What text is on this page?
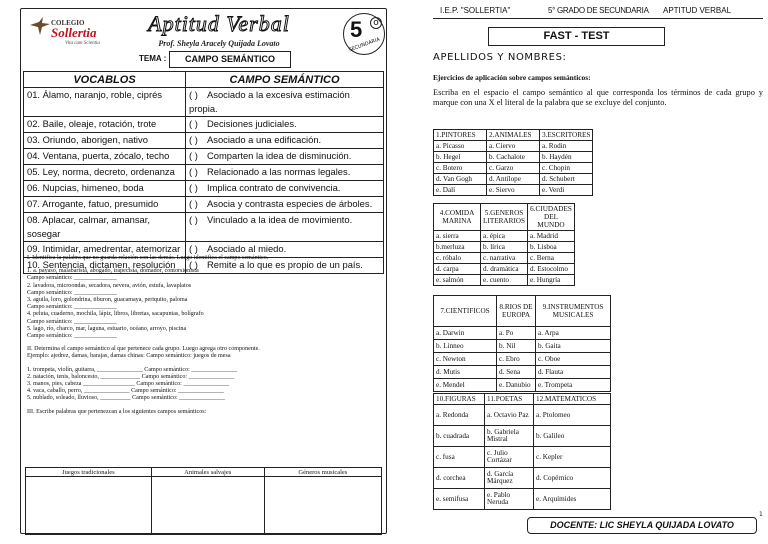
COLEGIO
Sollertia
Vita cum Scientia
Aptitud Verbal
Prof. Sheyla Aracely Quijada Lovato
5	o
SECUNDARIA
TEMA :	CAMPO SEMÁNTICO
VOCABLOS	CAMPO SEMÁNTICO
01. Álamo, naranjo, roble, ciprés	( ) Asociado a la excesiva estimación propia.
02. Baile, oleaje, rotación, trote	( ) Decisiones judiciales.
03. Oriundo, aborigen, nativo	( ) Asociado a una edificación.
04. Ventana, puerta, zócalo, techo	( ) Comparten la idea de disminución.
05. Ley, norma, decreto, ordenanza	( ) Relacionado a las normas legales.
06. Nupcias, himeneo, boda	( ) Implica contrato de convivencia.
07. Arrogante, fatuo, presumido	( ) Asocia y contrasta especies de árboles.
08. Aplacar, calmar, amansar, sosegar	( ) Vinculado a la idea de movimiento.
09. Intimidar, amedrentar, atemorizar	( ) Asociado al miedo.
10. Sentencia, dictamen, resolución	( ) Remite a lo que es propio de un país.

I. Identifica la palabra que no guarda relación con las demás. Luego identifica el campo semántico.

1. a. payaso, malabarista, abogado, trapecista, domador, contorsionista

Campo semántico: ______________

2. lavadora, microondas, secadora, nevera, avión, estufa, lavaplatos

Campo semántico: ______________

3. aguila, loro, golondrina, tiburon, guacamaya, periquito, paloma

Campo semántico: ______________

4. peluta, cuaderno, mochila, lápiz, libros, libretas, sacapuntas, bolígrafo

Campo semántico: ______________

5. lago, río, charco, mar, laguna, estuario, océano, arroyo, piscina

Campo semántico: ______________

II. Determina el campo semántico al que pertenece cada grupo. Luego agrega otro componente.

Ejemplo: ajedrez, damas, barajas, damas chinas: Campo semántico: juegos de mesa

1. trompeta, violín, guitarra, _______________ Campo semántico: _______________

2. natación, tenis, baloncesto, _____________ Campo semántico: _______________

3. manos, pies, cabeza _________________ Campo semántico: _______________

4. vaca, caballo, perro, _______________ Campo semántico: _______________

5. nublado, soleado, lluvioso, __________ Campo semántico: _______________

III. Escribe palabras que pertenezcan a los siguientes campos semánticos:

Juegos tradicionales	Animales salvajes	Géneros musicales

I.E.P. "SOLLERTIA"	5° GRADO DE SECUNDARIA APTITUD VERBAL
FAST - TEST
APELLIDOS Y NOMBRES:
Ejercicios de aplicación sobre campos semánticos:
Escriba en el espacio el campo semántico al que corresponda los términos de cada grupo y marque con una X el literal de la palabra que se excluye del conjunto.
1.PINTORES	2.ANIMALES	3.ESCRITORES
a. Picasso	a. Ciervo	a. Rodin
b. Hegel	b. Cachalote	b. Haydén
c. Botero	c. Garzo	c. Chopin
d. Van Gogh	d. Antílope	d. Schubert
e. Dalí	e. Siervo	e. Verdi
4.COMIDA MARINA	5.GENEROS LITERARIOS	6.CIUDADES DEL MUNDO
a. sierra	a. épica	a. Madrid
b.merluza	b. lírica	b. Lisboa
c. róbalo	c. narrativa	c. Berna
d. carpa	d. dramática	d. Estocolmo
e. salmón	e. cuento	e. Hungría
7.CIENTIFICOS	8.RIOS DE EUROPA	9.INSTRUMENTOS MUSICALES
a. Darwin	a. Po	a. Arpa
b. Linneo	b. Nil	b. Gaita
c. Newton	c. Ebro	c. Oboe
d. Mutis	d. Sena	d. Flauta
e. Mendel	e. Danubio	e. Trompeta
10.FIGURAS	11.POETAS	12.MATEMATICOS
a. Redonda	a. Octavio Paz	a. Ptolomeo
b. cuadrada	b. Gabriela Mistral	b. Galileo
c. fusa	c. Julio Cortázar	c. Kepler
d. corchea	d. García Márquez	d. Copérnico
e. semifusa	e. Pablo Neruda	e. Arquímides
DOCENTE: LIC SHEYLA QUIJADA LOVATO
1
